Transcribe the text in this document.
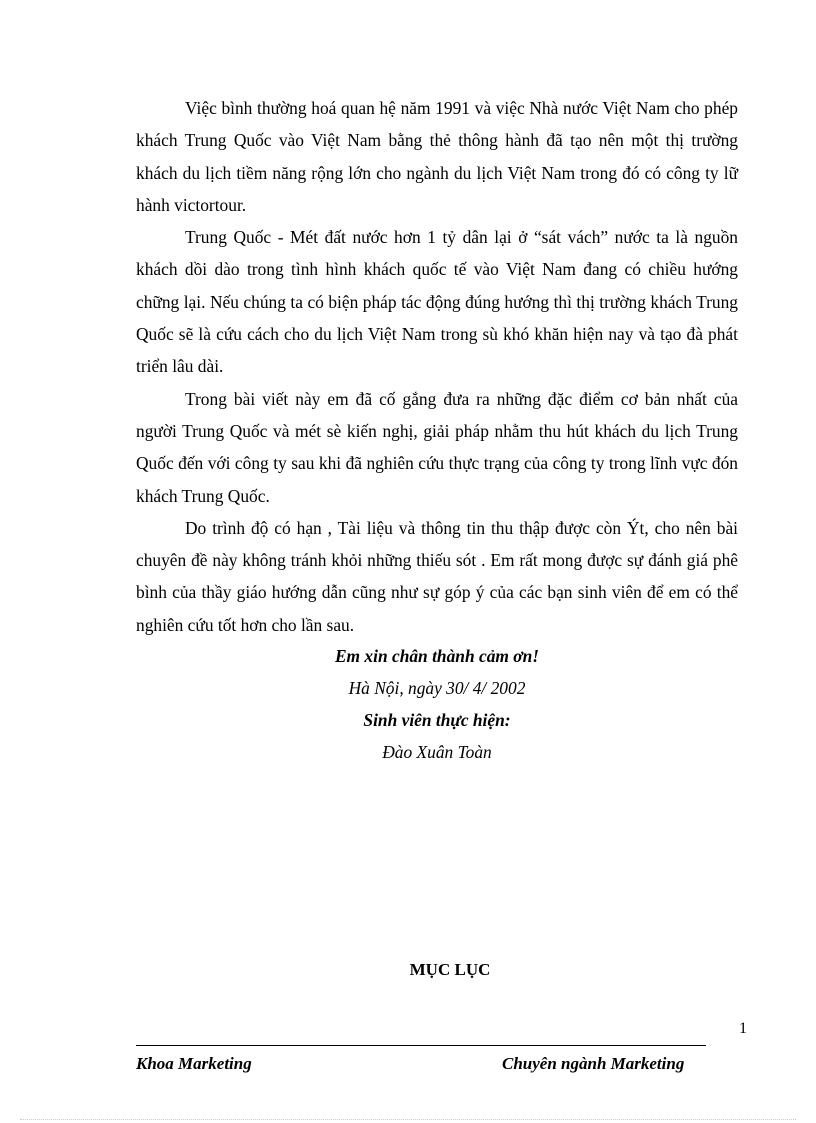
Việc bình thường hoá quan hệ năm 1991 và việc Nhà nước Việt Nam cho phép khách Trung Quốc vào Việt Nam bằng thẻ thông hành đã tạo nên một thị trường khách du lịch tiềm năng rộng lớn cho ngành du lịch Việt Nam trong đó có công ty lữ hành victortour.

Trung Quốc - Mét đất nước hơn 1 tỷ dân lại ở “sát vách” nước ta là nguồn khách dồi dào trong tình hình khách quốc tế vào Việt Nam đang có chiều hướng chững lại. Nếu chúng ta có biện pháp tác động đúng hướng thì thị trường khách Trung Quốc sẽ là cứu cách cho du lịch Việt Nam trong sù khó khăn hiện nay và tạo đà phát triển lâu dài.

Trong bài viết này em đã cố gắng đưa ra những đặc điểm cơ bản nhất của người Trung Quốc và mét sè kiến nghị, giải pháp nhằm thu hút khách du lịch Trung Quốc đến với công ty sau khi đã nghiên cứu thực trạng của công ty trong lĩnh vực đón khách Trung Quốc.

Do trình độ có hạn , Tài liệu và thông tin thu thập được còn Ýt, cho nên bài chuyên đề này không tránh khỏi những thiếu sót . Em rất mong được sự đánh giá phê bình của thầy giáo hướng dẫn cũng như sự góp ý của các bạn sinh viên để em có thể nghiên cứu tốt hơn cho lần sau.

Em xin chân thành cảm ơn!
Hà Nội, ngày 30/ 4/ 2002
Sinh viên thực hiện:
Đào Xuân Toàn
MỤC LỤC
1
Khoa Marketing	Chuyên ngành Marketing
